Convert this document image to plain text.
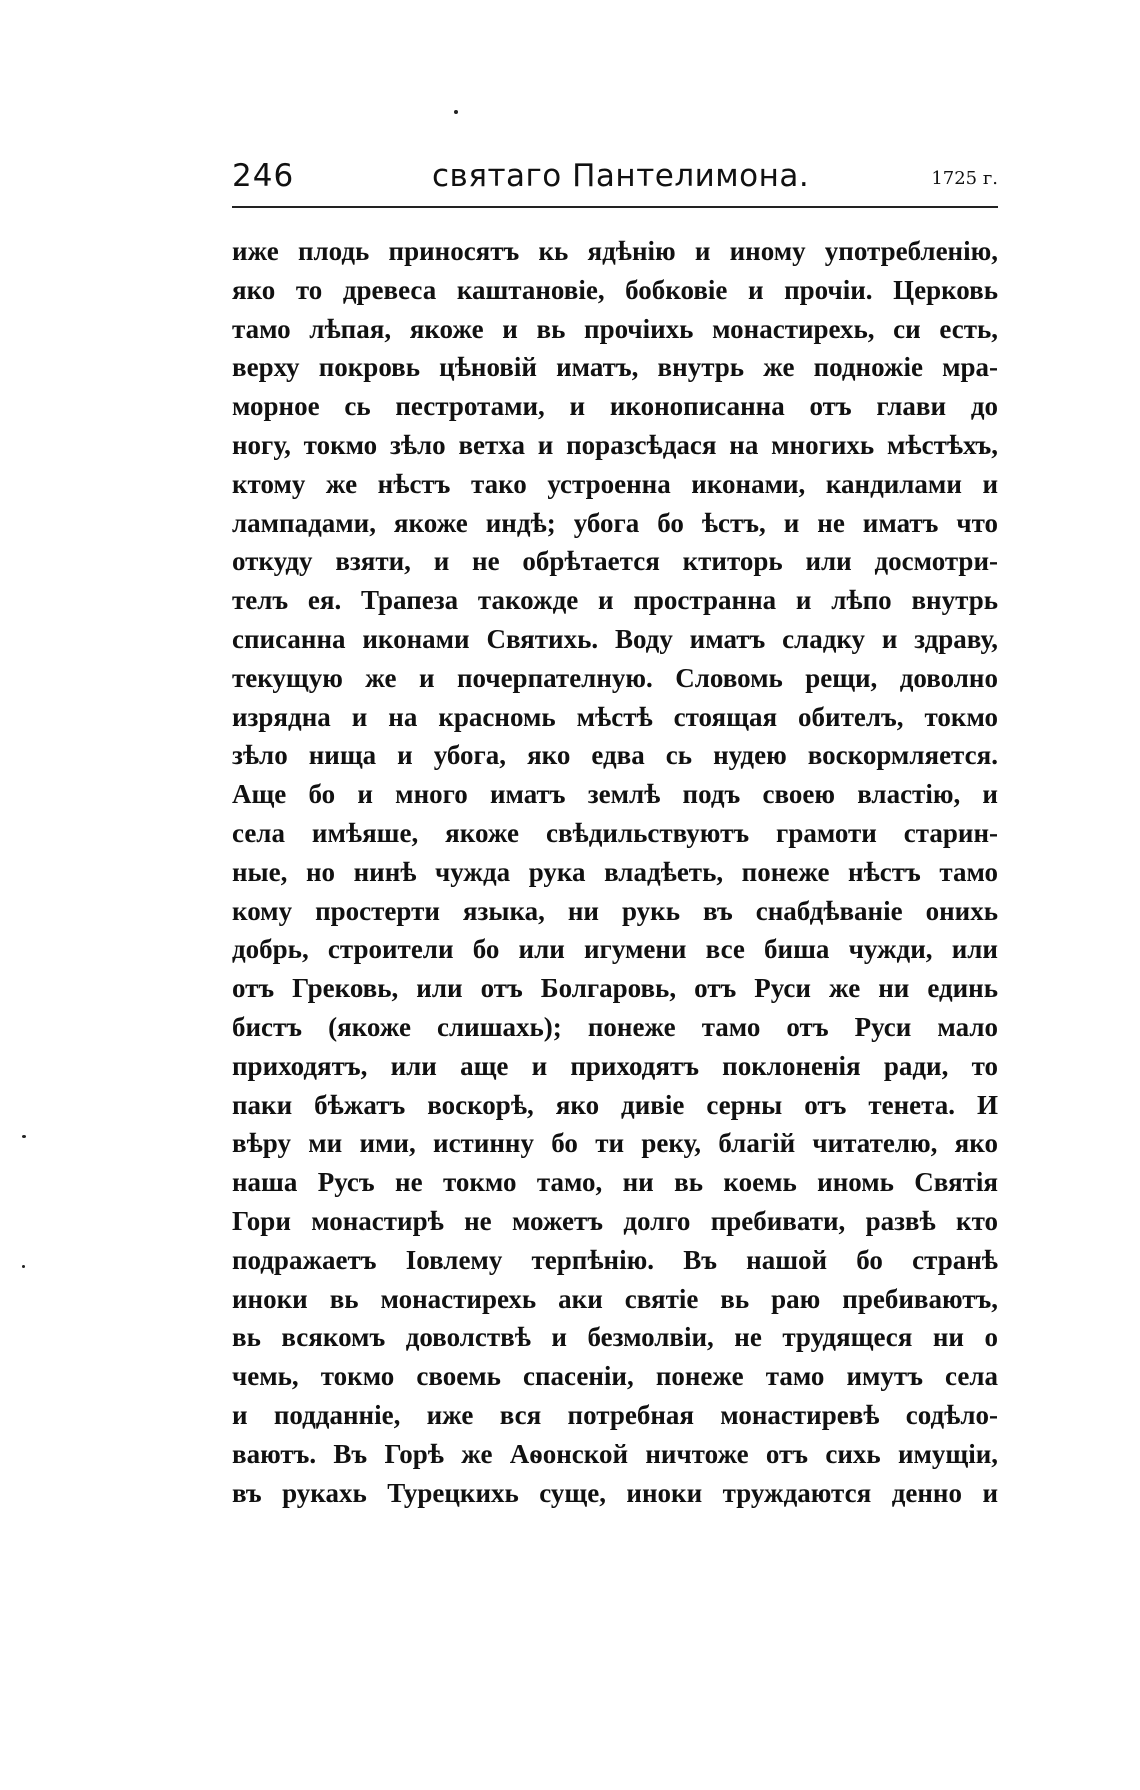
246	святаго Пантелимона.	1725 г.
иже плодь приносятъ кь ядѣнію и иному употребленію,
яко то древеса каштановіе, бобковіе и прочіи. Церковь
тамо лѣпая, якоже и вь прочіихь монастирехь, си есть,
верху покровь цѣновій иматъ, внутрь же подножіе мра-
морное сь пестротами, и иконописанна отъ глави до
ногу, токмо зѣло ветха и поразсѣдася на многихь мѣстѣхъ,
ктому же нѣстъ тако устроенна иконами, кандилами и
лампадами, якоже индѣ; убога бо ѣстъ, и не иматъ что
откуду взяти, и не обрѣтается ктиторь или досмотри-
телъ ея. Трапеза такожде и пространна и лѣпо внутрь
списанна иконами Святихь. Воду иматъ сладку и здраву,
текущую же и почерпателную. Словомь рещи, доволно
изрядна и на красномь мѣстѣ стоящая обителъ, токмо
зѣло нища и убога, яко едва сь нудею воскормляется.
Аще бо и много иматъ землѣ подъ своею властію, и
села имѣяше, якоже свѣдильствуютъ грамоти старин-
ные, но нинѣ чужда рука владѣеть, понеже нѣстъ тамо
кому простерти языка, ни рукь въ снабдѣваніе онихь
добрь, строители бо или игумени все биша чужди, или
отъ Грековь, или отъ Болгаровь, отъ Руси же ни единь
бистъ (якоже слишахь); понеже тамо отъ Руси мало
приходятъ, или аще и приходятъ поклоненія ради, то
паки бѣжатъ воскорѣ, яко дивіе серны отъ тенета. И
вѣру ми ими, истинну бо ти реку, благій читателю, яко
наша Русъ не токмо тамо, ни вь коемь иномь Святія
Гори монастирѣ не можетъ долго пребивати, развѣ кто
подражаетъ Іовлему терпѣнію. Въ нашой бо странѣ
иноки вь монастирехь аки святіе вь раю пребиваютъ,
вь всякомъ доволствѣ и безмолвіи, не трудящеся ни о
чемь, токмо своемь спасеніи, понеже тамо имутъ села
и подданніе, иже вся потребная монастиревѣ содѣло-
ваютъ. Въ Горѣ же Аѳонской ничтоже отъ сихь имущіи,
въ рукахь Турецкихь суще, иноки труждаются денно и
